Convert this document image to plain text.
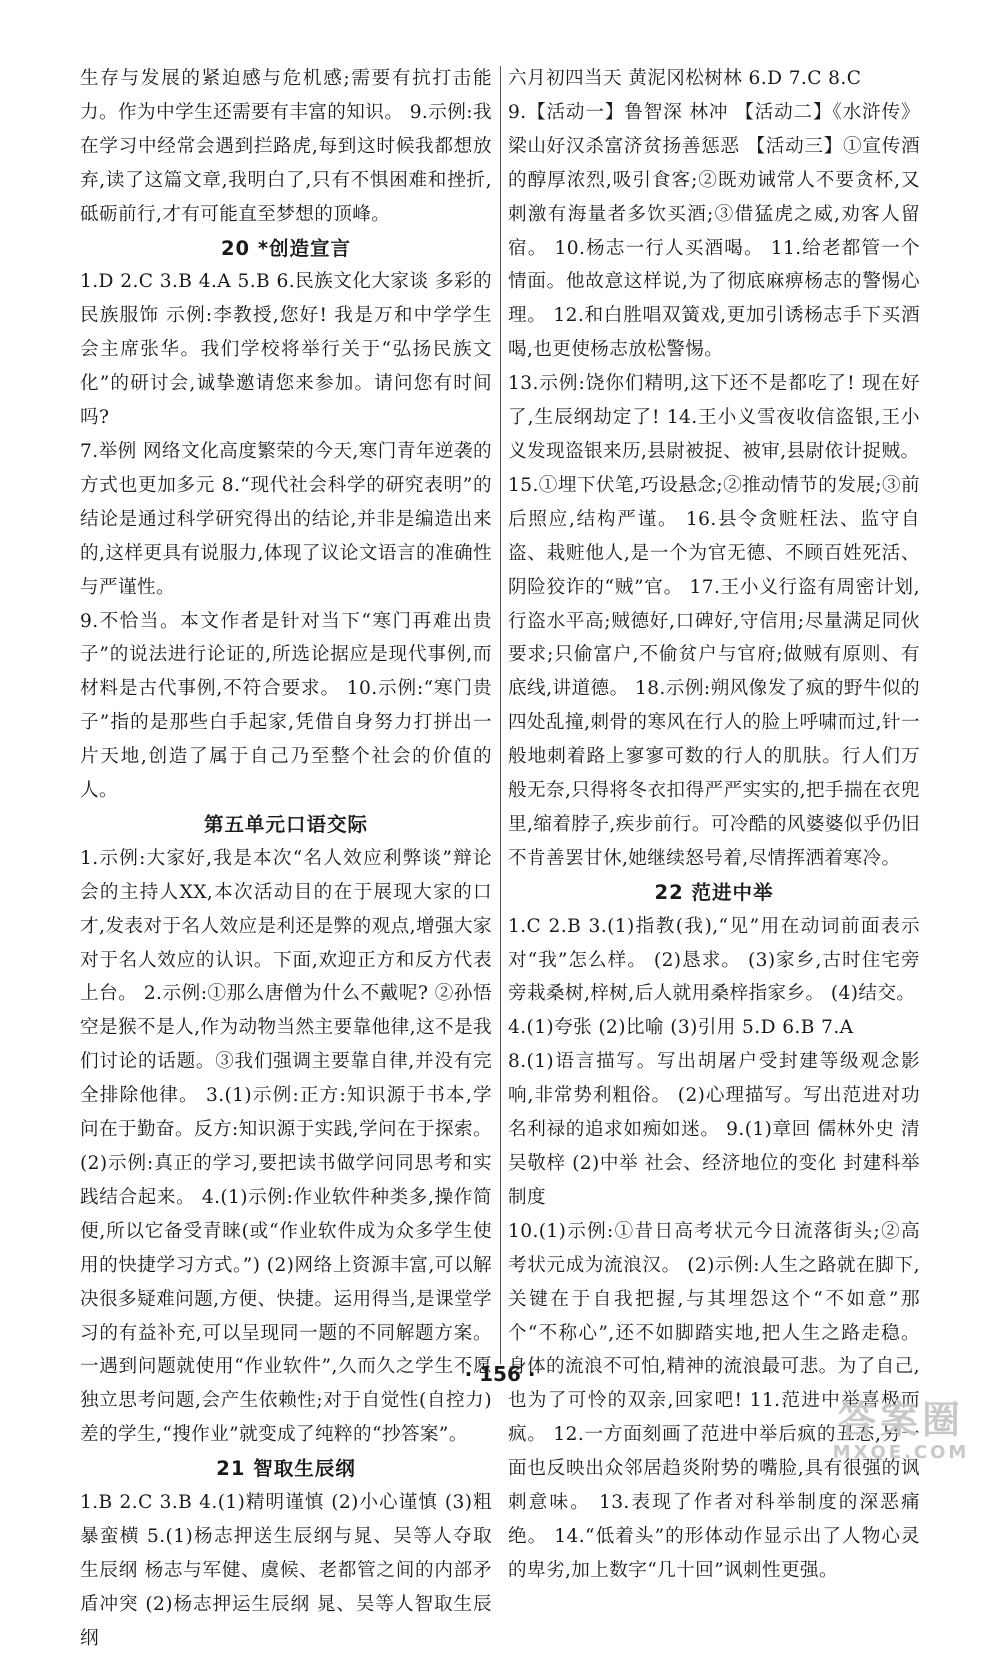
生存与发展的紧迫感与危机感;需要有抗打击能力。作为中学生还需要有丰富的知识。 9.示例:我在学习中经常会遇到拦路虎,每到这时候我都想放弃,读了这篇文章,我明白了,只有不惧困难和挫折,砥砺前行,才有可能直至梦想的顶峰。

20 *创造宣言

1.D 2.C 3.B 4.A 5.B 6.民族文化大家谈 多彩的民族服饰 示例:李教授,您好! 我是万和中学学生会主席张华。我们学校将举行关于“弘扬民族文化”的研讨会,诚挚邀请您来参加。请问您有时间吗?

7.举例 网络文化高度繁荣的今天,寒门青年逆袭的方式也更加多元 8.“现代社会科学的研究表明”的结论是通过科学研究得出的结论,并非是编造出来的,这样更具有说服力,体现了议论文语言的准确性与严谨性。

9.不恰当。本文作者是针对当下“寒门再难出贵子”的说法进行论证的,所选论据应是现代事例,而材料是古代事例,不符合要求。 10.示例:“寒门贵子”指的是那些白手起家,凭借自身努力打拼出一片天地,创造了属于自己乃至整个社会的价值的人。

第五单元口语交际

1.示例:大家好,我是本次“名人效应利弊谈”辩论会的主持人XX,本次活动目的在于展现大家的口才,发表对于名人效应是利还是弊的观点,增强大家对于名人效应的认识。下面,欢迎正方和反方代表上台。 2.示例:①那么唐僧为什么不戴呢? ②孙悟空是猴不是人,作为动物当然主要靠他律,这不是我们讨论的话题。③我们强调主要靠自律,并没有完全排除他律。 3.(1)示例:正方:知识源于书本,学问在于勤奋。反方:知识源于实践,学问在于探索。 (2)示例:真正的学习,要把读书做学问同思考和实践结合起来。 4.(1)示例:作业软件种类多,操作简便,所以它备受青睐(或“作业软件成为众多学生使用的快捷学习方式。”) (2)网络上资源丰富,可以解决很多疑难问题,方便、快捷。运用得当,是课堂学习的有益补充,可以呈现同一题的不同解题方案。 一遇到问题就使用“作业软件”,久而久之学生不愿独立思考问题,会产生依赖性;对于自觉性(自控力)差的学生,“搜作业”就变成了纯粹的“抄答案”。

21 智取生辰纲

1.B 2.C 3.B 4.(1)精明谨慎 (2)小心谨慎 (3)粗暴蛮横 5.(1)杨志押送生辰纲与晁、吴等人夺取生辰纲 杨志与军健、虞候、老都管之间的内部矛盾冲突 (2)杨志押运生辰纲 晁、吴等人智取生辰纲

六月初四当天 黄泥冈松树林 6.D 7.C 8.C

9.【活动一】鲁智深 林冲 【活动二】《水浒传》梁山好汉杀富济贫扬善惩恶 【活动三】①宣传酒的醇厚浓烈,吸引食客;②既劝诫常人不要贪杯,又刺激有海量者多饮买酒;③借猛虎之威,劝客人留宿。 10.杨志一行人买酒喝。 11.给老都管一个情面。他故意这样说,为了彻底麻痹杨志的警惕心理。 12.和白胜唱双簧戏,更加引诱杨志手下买酒喝,也更使杨志放松警惕。

13.示例:饶你们精明,这下还不是都吃了! 现在好了,生辰纲劫定了! 14.王小义雪夜收信盗银,王小义发现盗银来历,县尉被捉、被审,县尉依计捉贼。

15.①埋下伏笔,巧设悬念;②推动情节的发展;③前后照应,结构严谨。 16.县令贪赃枉法、监守自盗、栽赃他人,是一个为官无德、不顾百姓死活、阴险狡诈的“贼”官。 17.王小义行盗有周密计划,行盗水平高;贼德好,口碑好,守信用;尽量满足同伙要求;只偷富户,不偷贫户与官府;做贼有原则、有底线,讲道德。 18.示例:朔风像发了疯的野牛似的四处乱撞,刺骨的寒风在行人的脸上呼啸而过,针一般地刺着路上寥寥可数的行人的肌肤。行人们万般无奈,只得将冬衣扣得严严实实的,把手揣在衣兜里,缩着脖子,疾步前行。可冷酷的风婆婆似乎仍旧不肯善罢甘休,她继续怒号着,尽情挥洒着寒冷。

22 范进中举

1.C 2.B 3.(1)指教(我),“见”用在动词前面表示对“我”怎么样。 (2)恳求。 (3)家乡,古时住宅旁旁栽桑树,梓树,后人就用桑梓指家乡。 (4)结交。

4.(1)夸张 (2)比喻 (3)引用 5.D 6.B 7.A

8.(1)语言描写。写出胡屠户受封建等级观念影响,非常势利粗俗。 (2)心理描写。写出范进对功名利禄的追求如痴如迷。 9.(1)章回 儒林外史 清 吴敬梓 (2)中举 社会、经济地位的变化 封建科举制度

10.(1)示例:①昔日高考状元今日流落街头;②高考状元成为流浪汉。 (2)示例:人生之路就在脚下,关键在于自我把握,与其埋怨这个“不如意”那个“不称心”,还不如脚踏实地,把人生之路走稳。身体的流浪不可怕,精神的流浪最可悲。为了自己,也为了可怜的双亲,回家吧! 11.范进中举喜极而疯。 12.一方面刻画了范进中举后疯的丑态,另一面也反映出众邻居趋炎附势的嘴脸,具有很强的讽刺意味。 13.表现了作者对科举制度的深恶痛绝。 14.“低着头”的形体动作显示出了人物心灵的卑劣,加上数字“几十回”讽刺性更强。

· 156 ·
答案圈
MXQE.COM
